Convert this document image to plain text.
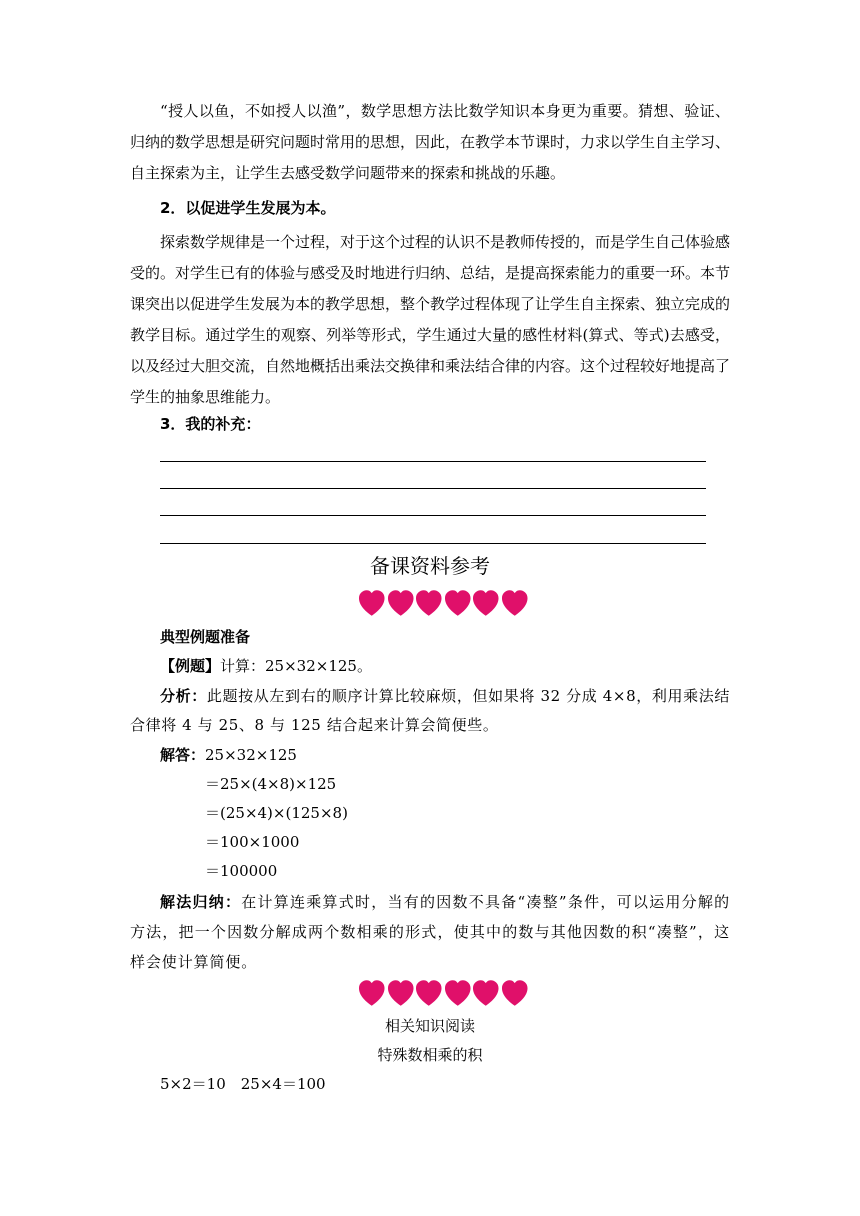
“授人以鱼，不如授人以渔”，数学思想方法比数学知识本身更为重要。猜想、验证、归纳的数学思想是研究问题时常用的思想，因此，在教学本节课时，力求以学生自主学习、自主探索为主，让学生去感受数学问题带来的探索和挑战的乐趣。

2．以促进学生发展为本。

探索数学规律是一个过程，对于这个过程的认识不是教师传授的，而是学生自己体验感受的。对学生已有的体验与感受及时地进行归纳、总结，是提高探索能力的重要一环。本节课突出以促进学生发展为本的教学思想，整个教学过程体现了让学生自主探索、独立完成的教学目标。通过学生的观察、列举等形式，学生通过大量的感性材料(算式、等式)去感受，以及经过大胆交流，自然地概括出乘法交换律和乘法结合律的内容。这个过程较好地提高了学生的抽象思维能力。

3．我的补充：

备课资料参考

典型例题准备

【例题】计算：25×32×125。

分析：此题按从左到右的顺序计算比较麻烦，但如果将 32 分成 4×8，利用乘法结合律将 4 与 25、8 与 125 结合起来计算会简便些。

解答：25×32×125

＝25×(4×8)×125

＝(25×4)×(125×8)

＝100×1000

＝100000

解法归纳：在计算连乘算式时，当有的因数不具备“凑整”条件，可以运用分解的方法，把一个因数分解成两个数相乘的形式，使其中的数与其他因数的积“凑整”，这样会使计算简便。

相关知识阅读
特殊数相乘的积

5×2＝10　25×4＝100
